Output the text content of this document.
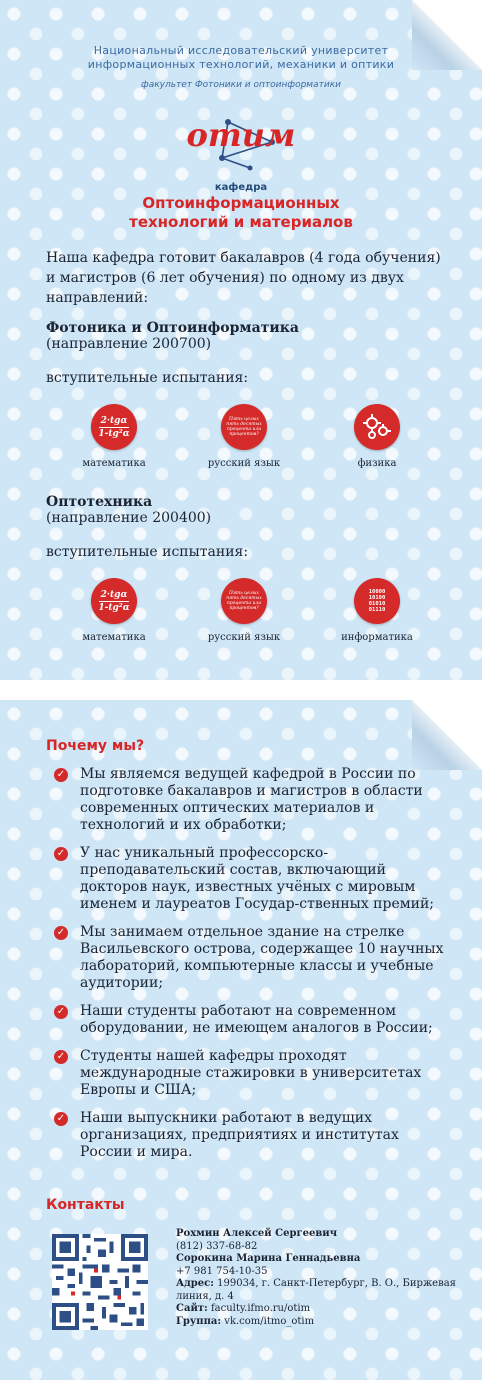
Национальный исследовательский университет
информационных технологий, механики и оптики
факультет Фотоники и оптоинформатики
отим
кафедра
Оптоинформационных
технологий и материалов
Наша кафедра готовит бакалавров (4 года обучения) и магистров (6 лет обучения) по одному из двух направлений:
Фотоника и Оптоинформатика
(направление 200700)
вступительные испытания:
2·tgα
1-tg²α
математика
Пять целых пять десятых процента или процентов?
русский язык	физика
Оптотехника
(направление 200400)
вступительные испытания:
2·tgα
1-tg²α
математика
Пять целых пять десятых процента или процентов?
русский язык
10000
10100
01010
01110
информатика
Почему мы?
✓ Мы являемся ведущей кафедрой в России по подготовке бакалавров и магистров в области современных оптических материалов и технологий и их обработки;
✓ У нас уникальный профессорско-преподавательский состав, включающий докторов наук, известных учёных с мировым именем и лауреатов Государ-ственных премий;
✓ Мы занимаем отдельное здание на стрелке Васильевского острова, содержащее 10 научных лабораторий, компьютерные классы и учебные аудитории;
✓ Наши студенты работают на современном оборудовании, не имеющем аналогов в России;
✓ Студенты нашей кафедры проходят международные стажировки в университетах Европы и США;
✓ Наши выпускники работают в ведущих организациях, предприятиях и институтах России и мира.
Контакты
Рохмин Алексей Сергеевич
(812) 337-68-82
Сорокина Марина Геннадьевна
+7 981 754-10-35
Адрес: 199034, г. Санкт-Петербург, В. О., Биржевая линия, д. 4
Сайт: faculty.ifmo.ru/otim
Группа: vk.com/itmo_otim
